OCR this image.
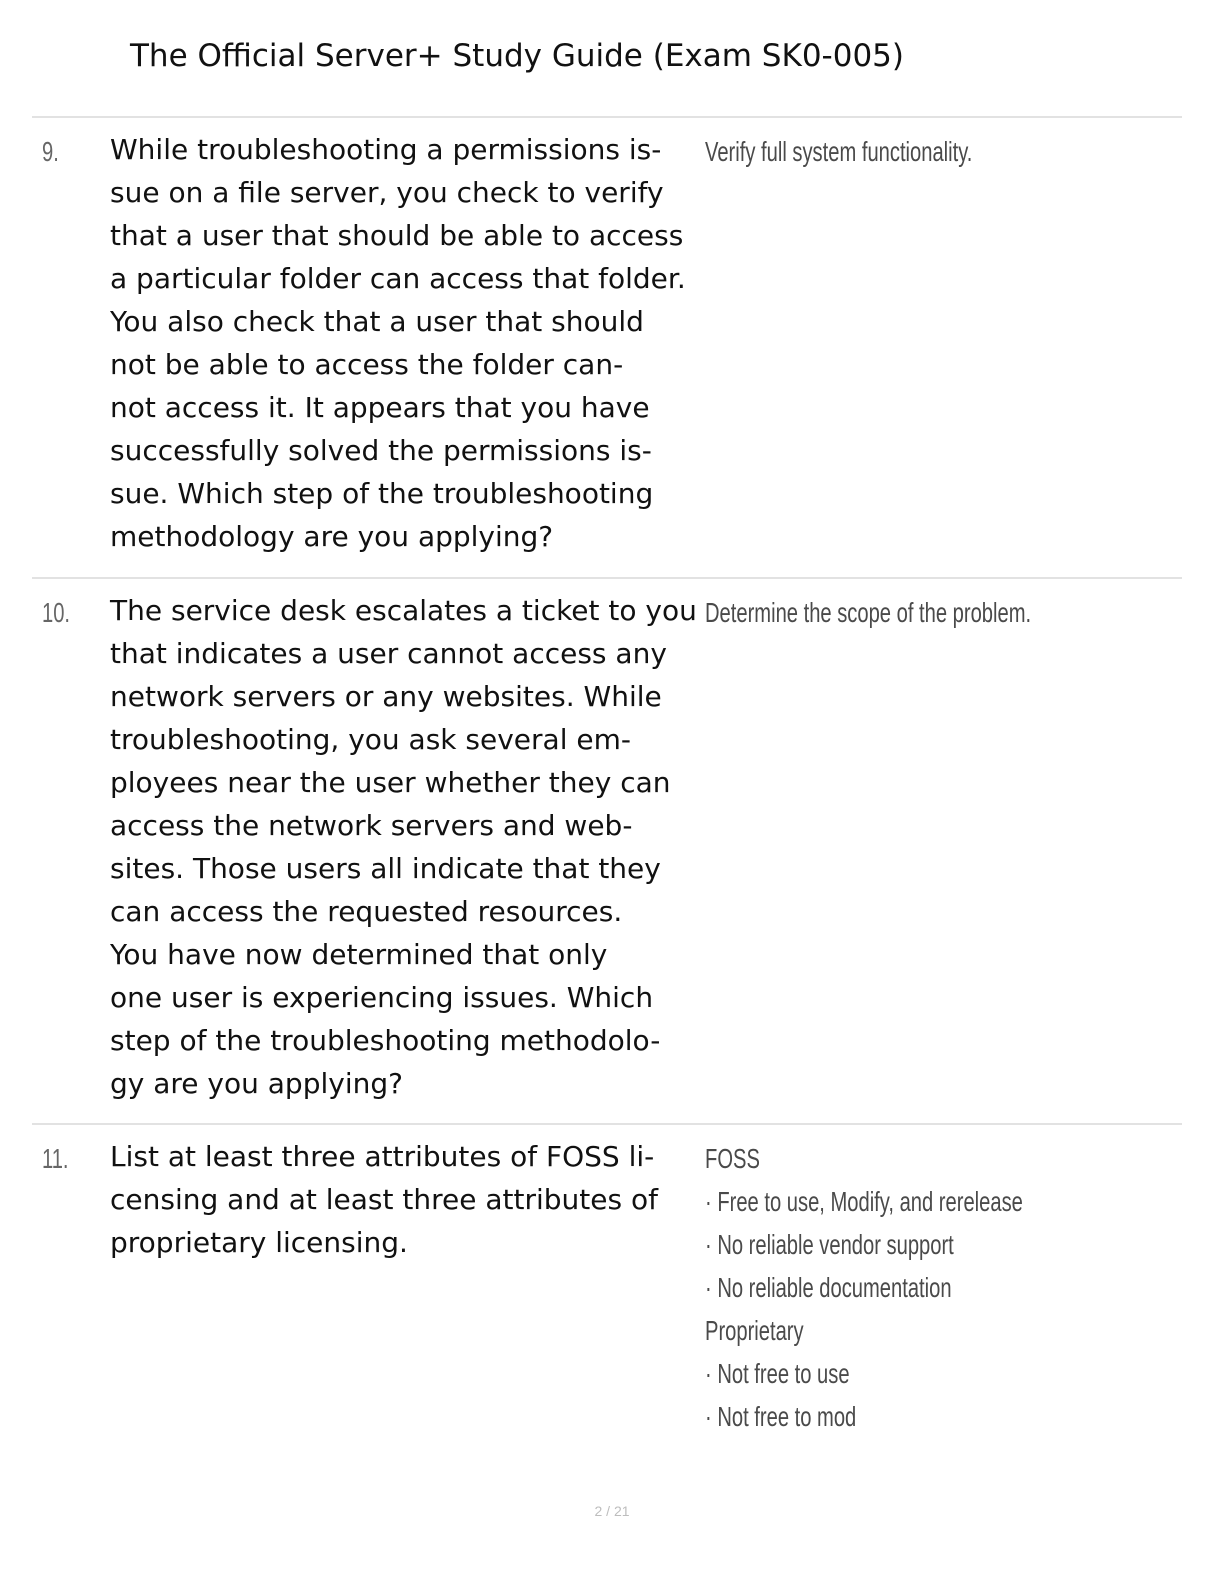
The Official Server+ Study Guide (Exam SK0-005)
9. While troubleshooting a permissions is-
sue on a file server, you check to verify
that a user that should be able to access
a particular folder can access that folder.
You also check that a user that should
not be able to access the folder can-
not access it. It appears that you have
successfully solved the permissions is-
sue. Which step of the troubleshooting
methodology are you applying?
Verify full system functionality.
10. The service desk escalates a ticket to you
that indicates a user cannot access any
network servers or any websites. While
troubleshooting, you ask several em-
ployees near the user whether they can
access the network servers and web-
sites. Those users all indicate that they
can access the requested resources.
You have now determined that only
one user is experiencing issues. Which
step of the troubleshooting methodolo-
gy are you applying?
Determine the scope of the problem.
11. List at least three attributes of FOSS li-
censing and at least three attributes of
proprietary licensing.
FOSS
· Free to use, Modify, and rerelease
· No reliable vendor support
· No reliable documentation
Proprietary
· Not free to use
· Not free to mod
2 / 21
